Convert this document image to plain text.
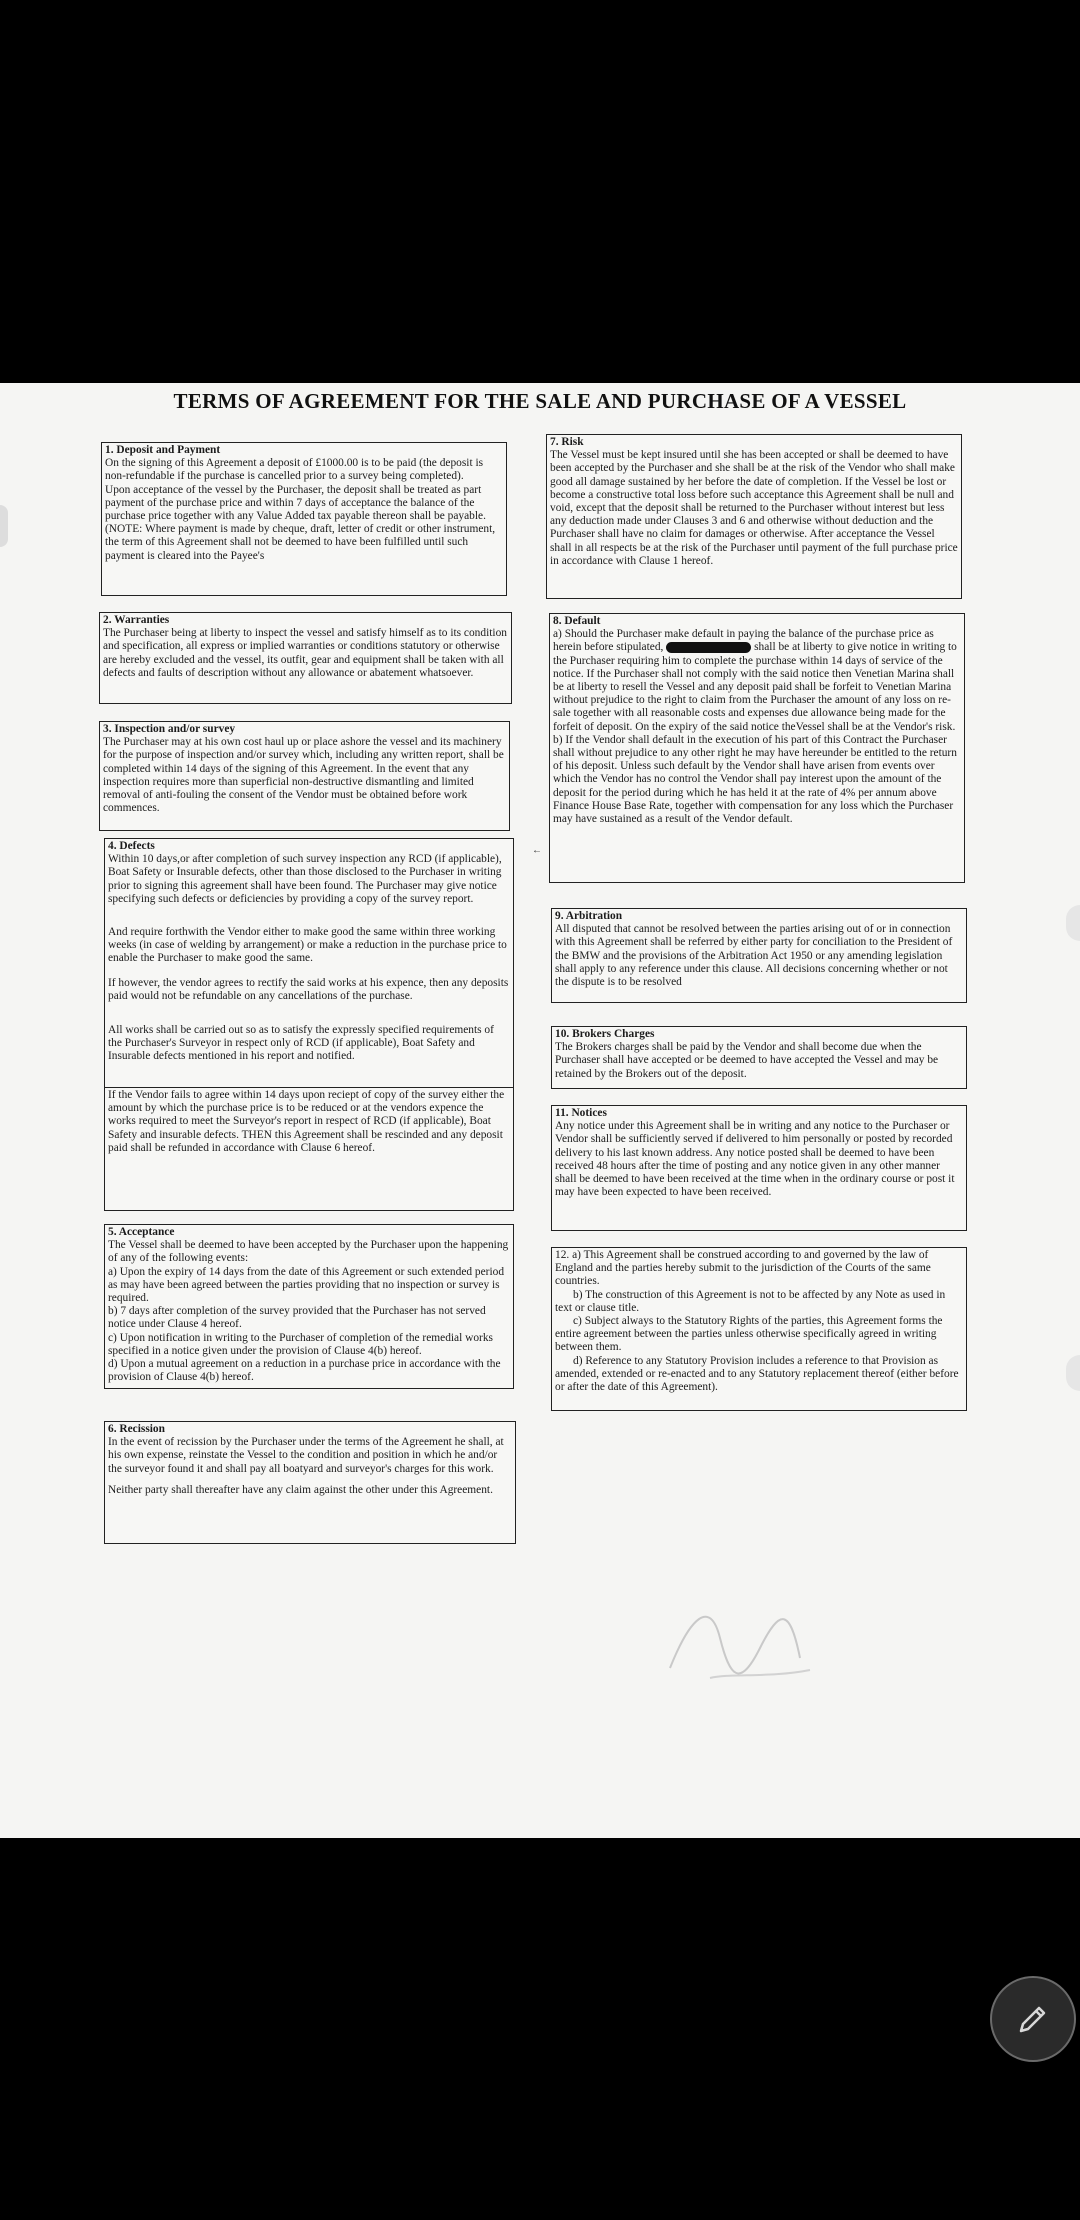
TERMS OF AGREEMENT FOR THE SALE AND PURCHASE OF A VESSEL
1. Deposit and Payment

On the signing of this Agreement a deposit of £1000.00 is to be paid (the deposit is non-refundable if the purchase is cancelled prior to a survey being completed).

Upon acceptance of the vessel by the Purchaser, the deposit shall be treated as part payment of the purchase price and within 7 days of acceptance the balance of the purchase price together with any Value Added tax payable thereon shall be payable. (NOTE: Where payment is made by cheque, draft, letter of credit or other instrument, the term of this Agreement shall not be deemed to have been fulfilled until such payment is cleared into the Payee's

2. Warranties

The Purchaser being at liberty to inspect the vessel and satisfy himself as to its condition and specification, all express or implied warranties or conditions statutory or otherwise are hereby excluded and the vessel, its outfit, gear and equipment shall be taken with all defects and faults of description without any allowance or abatement whatsoever.

3. Inspection and/or survey

The Purchaser may at his own cost haul up or place ashore the vessel and its machinery for the purpose of inspection and/or survey which, including any written report, shall be completed within 14 days of the signing of this Agreement. In the event that any inspection requires more than superficial non-destructive dismantling and limited removal of anti-fouling the consent of the Vendor must be obtained before work commences.

4. Defects

Within 10 days,or after completion of such survey inspection any RCD (if applicable), Boat Safety or Insurable defects, other than those disclosed to the Purchaser in writing prior to signing this agreement shall have been found. The Purchaser may give notice specifying such defects or deficiencies by providing a copy of the survey report.

And require forthwith the Vendor either to make good the same within three working weeks (in case of welding by arrangement) or make a reduction in the purchase price to enable the Purchaser to make good the same.

If however, the vendor agrees to rectify the said works at his expence, then any deposits paid would not be refundable on any cancellations of the purchase.

All works shall be carried out so as to satisfy the expressly specified requirements of the Purchaser's Surveyor in respect only of RCD (if applicable), Boat Safety and Insurable defects mentioned in his report and notified.

If the Vendor fails to agree within 14 days upon reciept of copy of the survey either the amount by which the purchase price is to be reduced or at the vendors expence the works required to meet the Surveyor's report in respect of RCD (if applicable), Boat Safety and insurable defects. THEN this Agreement shall be rescinded and any deposit paid shall be refunded in accordance with Clause 6 hereof.

5. Acceptance

The Vessel shall be deemed to have been accepted by the Purchaser upon the happening of any of the following events:

a) Upon the expiry of 14 days from the date of this Agreement or such extended period as may have been agreed between the parties providing that no inspection or survey is required.

b) 7 days after completion of the survey provided that the Purchaser has not served notice under Clause 4 hereof.

c) Upon notification in writing to the Purchaser of completion of the remedial works specified in a notice given under the provision of Clause 4(b) hereof.

d) Upon a mutual agreement on a reduction in a purchase price in accordance with the provision of Clause 4(b) hereof.

6. Recission

In the event of recission by the Purchaser under the terms of the Agreement he shall, at his own expense, reinstate the Vessel to the condition and position in which he and/or the surveyor found it and shall pay all boatyard and surveyor's charges for this work.

Neither party shall thereafter have any claim against the other under this Agreement.

7. Risk

The Vessel must be kept insured until she has been accepted or shall be deemed to have been accepted by the Purchaser and she shall be at the risk of the Vendor who shall make good all damage sustained by her before the date of completion. If the Vessel be lost or become a constructive total loss before such acceptance this Agreement shall be null and void, except that the deposit shall be returned to the Purchaser without interest but less any deduction made under Clauses 3 and 6 and otherwise without deduction and the Purchaser shall have no claim for damages or otherwise. After acceptance the Vessel shall in all respects be at the risk of the Purchaser until payment of the full purchase price in accordance with Clause 1 hereof.

8. Default

a) Should the Purchaser make default in paying the balance of the purchase price as herein before stipulated,	shall be at liberty to give notice in writing to the Purchaser requiring him to complete the purchase within 14 days of service of the notice. If the Purchaser shall not comply with the said notice then Venetian Marina shall be at liberty to resell the Vessel and any deposit paid shall be forfeit to Venetian Marina without prejudice to the right to claim from the Purchaser the amount of any loss on re-sale together with all reasonable costs and expenses due allowance being made for the forfeit of deposit. On the expiry of the said notice theVessel shall be at the Vendor's risk.

b) If the Vendor shall default in the execution of his part of this Contract the Purchaser shall without prejudice to any other right he may have hereunder be entitled to the return of his deposit. Unless such default by the Vendor shall have arisen from events over which the Vendor has no control the Vendor shall pay interest upon the amount of the deposit for the period during which he has held it at the rate of 4% per annum above Finance House Base Rate, together with compensation for any loss which the Purchaser may have sustained as a result of the Vendor default.

9. Arbitration

All disputed that cannot be resolved between the parties arising out of or in connection with this Agreement shall be referred by either party for conciliation to the President of the BMW and the provisions of the Arbitration Act 1950 or any amending legislation shall apply to any reference under this clause. All decisions concerning whether or not the dispute is to be resolved

10. Brokers Charges

The Brokers charges shall be paid by the Vendor and shall become due when the Purchaser shall have accepted or be deemed to have accepted the Vessel and may be retained by the Brokers out of the deposit.

11. Notices

Any notice under this Agreement shall be in writing and any notice to the Purchaser or Vendor shall be sufficiently served if delivered to him personally or posted by recorded delivery to his last known address. Any notice posted shall be deemed to have been received 48 hours after the time of posting and any notice given in any other manner shall be deemed to have been received at the time when in the ordinary course or post it may have been expected to have been received.

12. a) This Agreement shall be construed according to and governed by the law of England and the parties hereby submit to the jurisdiction of the Courts of the same countries.

b) The construction of this Agreement is not to be affected by any Note as used in text or clause title.

c) Subject always to the Statutory Rights of the parties, this Agreement forms the entire agreement between the parties unless otherwise specifically agreed in writing between them.

d) Reference to any Statutory Provision includes a reference to that Provision as amended, extended or re-enacted and to any Statutory replacement thereof (either before or after the date of this Agreement).

←
